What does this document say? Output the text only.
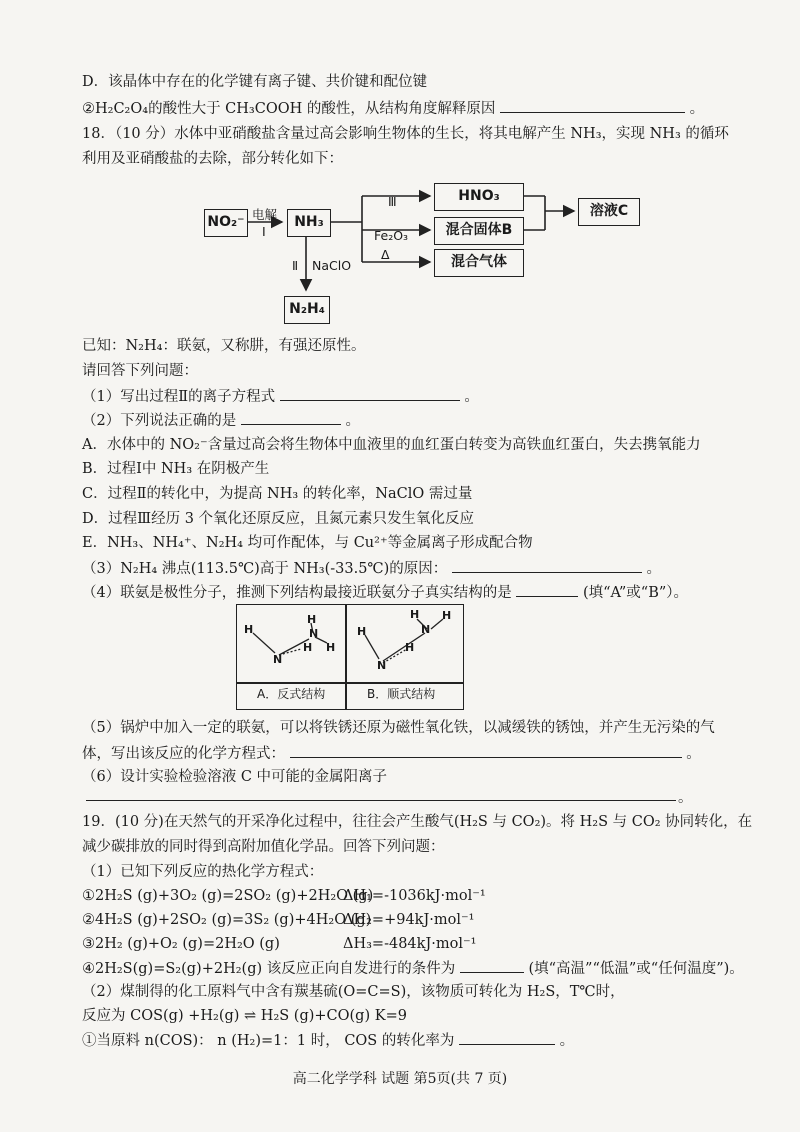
D．该晶体中存在的化学键有离子键、共价键和配位键
②H₂C₂O₄的酸性大于 CH₃COOH 的酸性，从结构角度解释原因	。
18．（10 分）水体中亚硝酸盐含量过高会影响生物体的生长，将其电解产生 NH₃，实现 NH₃ 的循环
利用及亚硝酸盐的去除，部分转化如下：
NO₂⁻	NH₃
HNO₃
混合固体B
混合气体
溶液C
N₂H₄
电解
Ⅰ
Ⅱ NaClO
Ⅲ
Fe₂O₃
Δ
已知：N₂H₄：联氨，又称肼，有强还原性。
请回答下列问题：
（1）写出过程Ⅱ的离子方程式	。
（2）下列说法正确的是	。
A．水体中的 NO₂⁻含量过高会将生物体中血液里的血红蛋白转变为高铁血红蛋白，失去携氧能力
B．过程Ⅰ中 NH₃ 在阴极产生
C．过程Ⅱ的转化中，为提高 NH₃ 的转化率，NaClO 需过量
D．过程Ⅲ经历 3 个氧化还原反应，且氮元素只发生氧化反应
E．NH₃、NH₄⁺、N₂H₄ 均可作配体，与 Cu²⁺等金属离子形成配合物
（3）N₂H₄ 沸点(113.5℃)高于 NH₃(-33.5℃)的原因：	。
（4）联氨是极性分子，推测下列结构最接近联氨分子真实结构的是	(填“A”或“B”）。
H
N
H
H
N
H
H
N
H
N
H H
A．反式结构	B．顺式结构
（5）锅炉中加入一定的联氨，可以将铁锈还原为磁性氧化铁，以减缓铁的锈蚀，并产生无污染的气
体，写出该反应的化学方程式：	。
（6）设计实验检验溶液 C 中可能的金属阳离子
。
19．(10 分)在天然气的开采净化过程中，往往会产生酸气(H₂S 与 CO₂)。将 H₂S 与 CO₂ 协同转化，在
减少碳排放的同时得到高附加值化学品。回答下列问题：
（1）已知下列反应的热化学方程式：
①2H₂S (g)+3O₂ (g)=2SO₂ (g)+2H₂O (g)
ΔH₁=-1036kJ·mol⁻¹
②4H₂S (g)+2SO₂ (g)=3S₂ (g)+4H₂O (g)
ΔH₂=+94kJ·mol⁻¹
③2H₂ (g)+O₂ (g)=2H₂O (g)	ΔH₃=-484kJ·mol⁻¹
④2H₂S(g)=S₂(g)+2H₂(g) 该反应正向自发进行的条件为	(填“高温”“低温”或“任何温度”)。
（2）煤制得的化工原料气中含有羰基硫(O=C=S)，该物质可转化为 H₂S，T℃时，
反应为 COS(g) +H₂(g) ⇌ H₂S (g)+CO(g) K=9
①当原料 n(COS)： n (H₂)=1：1 时， COS 的转化率为	。
高二化学学科 试题 第5页(共 7 页)
